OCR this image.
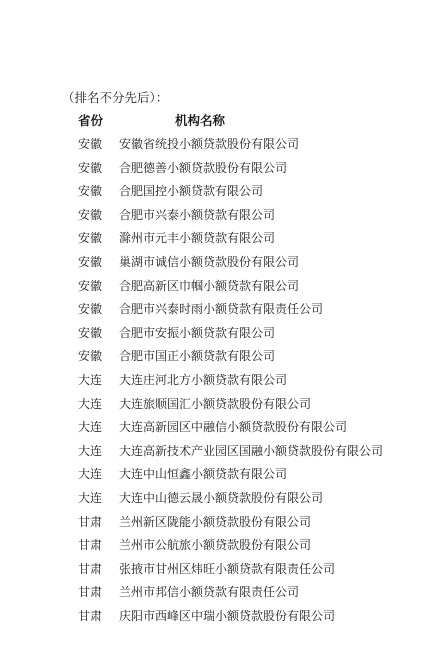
（排名不分先后）：
省份	机构名称
安徽 安徽省统投小额贷款股份有限公司
安徽 合肥德善小额贷款股份有限公司
安徽 合肥国控小额贷款有限公司
安徽 合肥市兴泰小额贷款有限公司
安徽 滁州市元丰小额贷款有限公司
安徽 巢湖市诚信小额贷款股份有限公司
安徽 合肥高新区巾帼小额贷款有限公司
安徽 合肥市兴泰时雨小额贷款有限责任公司
安徽 合肥市安振小额贷款有限公司
安徽 合肥市国正小额贷款有限公司
大连 大连庄河北方小额贷款有限公司
大连 大连旅顺国汇小额贷款股份有限公司
大连 大连高新园区中融信小额贷款股份有限公司
大连 大连高新技术产业园区国融小额贷款股份有限公司
大连 大连中山恒鑫小额贷款有限公司
大连 大连中山德云晟小额贷款股份有限公司
甘肃 兰州新区陇能小额贷款股份有限公司
甘肃 兰州市公航旅小额贷款股份有限公司
甘肃 张掖市甘州区炜旺小额贷款有限责任公司
甘肃 兰州市邦信小额贷款有限责任公司
甘肃 庆阳市西峰区中瑞小额贷款股份有限公司
